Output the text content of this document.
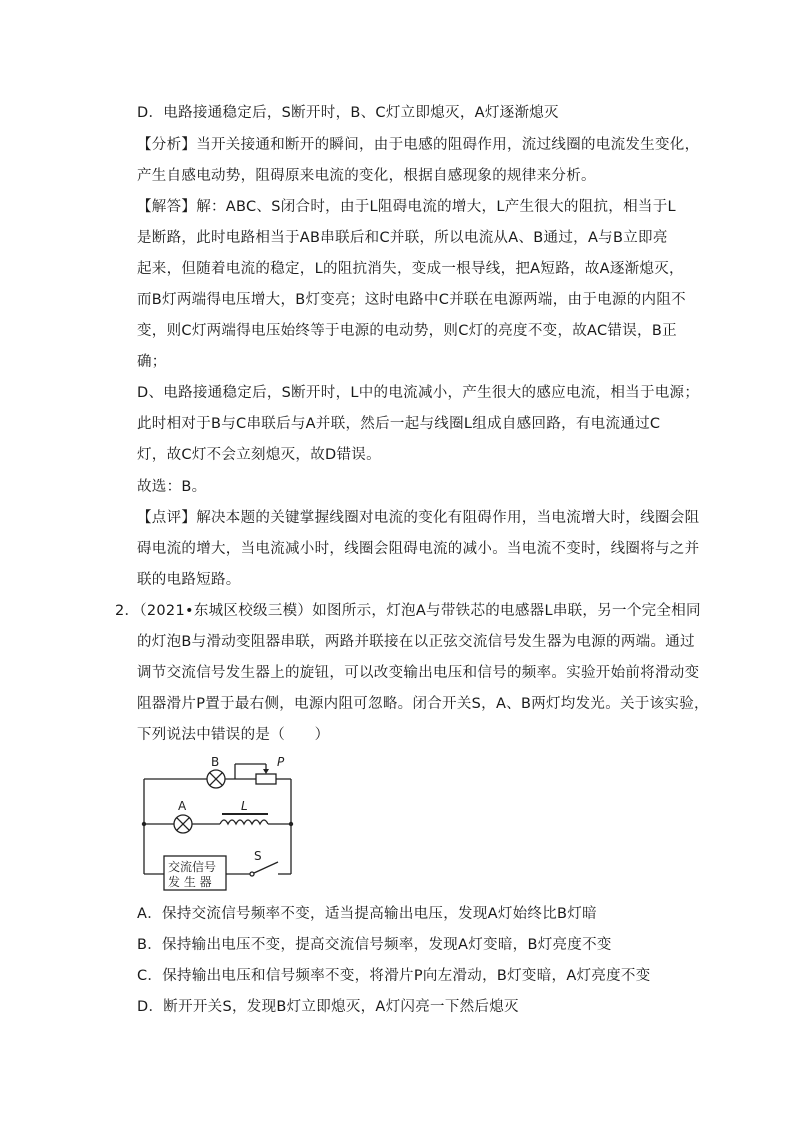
D．电路接通稳定后，S断开时，B、C灯立即熄灭，A灯逐渐熄灭
【分析】当开关接通和断开的瞬间，由于电感的阻碍作用，流过线圈的电流发生变化，
产生自感电动势，阻碍原来电流的变化，根据自感现象的规律来分析。
【解答】解：ABC、S闭合时，由于L阻碍电流的增大，L产生很大的阻抗，相当于L
是断路，此时电路相当于AB串联后和C并联，所以电流从A、B通过，A与B立即亮
起来，但随着电流的稳定，L的阻抗消失，变成一根导线，把A短路，故A逐渐熄灭，
而B灯两端得电压增大，B灯变亮；这时电路中C并联在电源两端，由于电源的内阻不
变，则C灯两端得电压始终等于电源的电动势，则C灯的亮度不变，故AC错误，B正
确；
D、电路接通稳定后，S断开时，L中的电流减小，产生很大的感应电流，相当于电源；
此时相对于B与C串联后与A并联，然后一起与线圈L组成自感回路，有电流通过C
灯，故C灯不会立刻熄灭，故D错误。
故选：B。
【点评】解决本题的关键掌握线圈对电流的变化有阻碍作用，当电流增大时，线圈会阻
碍电流的增大，当电流减小时，线圈会阻碍电流的减小。当电流不变时，线圈将与之并
联的电路短路。
2．（2021•东城区校级三模）如图所示，灯泡A与带铁芯的电感器L串联，另一个完全相同
的灯泡B与滑动变阻器串联，两路并联接在以正弦交流信号发生器为电源的两端。通过
调节交流信号发生器上的旋钮，可以改变输出电压和信号的频率。实验开始前将滑动变
阻器滑片P置于最右侧，电源内阻可忽略。闭合开关S，A、B两灯均发光。关于该实验，
下列说法中错误的是（　　）
B	P
A	L
S
交流信号
发 生 器
A．保持交流信号频率不变，适当提高输出电压，发现A灯始终比B灯暗
B．保持输出电压不变，提高交流信号频率，发现A灯变暗，B灯亮度不变
C．保持输出电压和信号频率不变，将滑片P向左滑动，B灯变暗，A灯亮度不变
D．断开开关S，发现B灯立即熄灭，A灯闪亮一下然后熄灭
